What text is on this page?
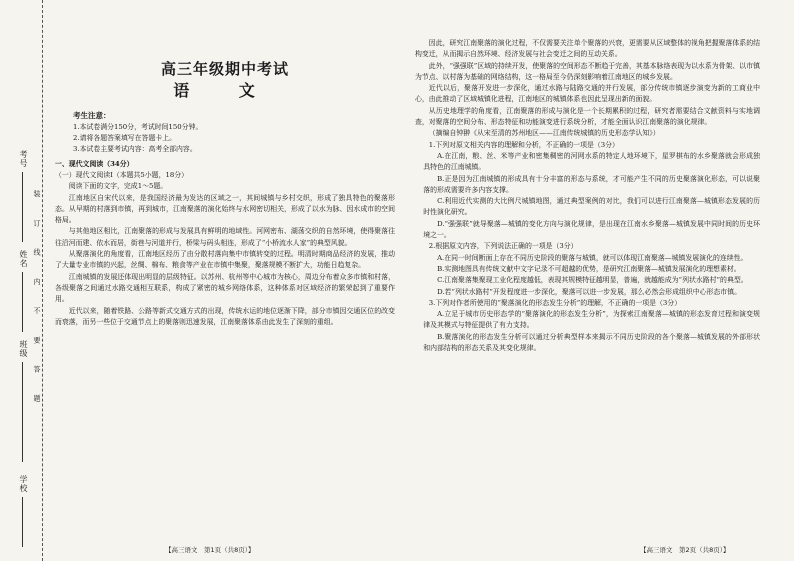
考号
姓名
班级
学校
装 订 线 内 不 要 答 题
高三年级期中考试
语 文
考生注意：
1.本试卷满分150分，考试时间150分钟。
2.请将各题答案填写在答题卡上。
3.本试卷主要考试内容：高考全部内容。
一、现代文阅读（34分）
（一）现代文阅读Ⅰ（本题共5小题，18分）

阅读下面的文字，完成1～5题。

江南地区自宋代以来，是我国经济最为发达的区域之一，其间城镇与乡村交织，形成了独具特色的聚落形态。从早期的村落到市镇，再到城市，江南聚落的演化始终与水网密切相关，形成了以水为脉、因水成市的空间格局。

与其他地区相比，江南聚落的形成与发展具有鲜明的地域性。河网密布、湖荡交织的自然环境，使得聚落往往沿河而建、依水而居，街巷与河道并行，桥梁与码头相连，形成了“小桥流水人家”的典型风貌。

从聚落演化的角度看，江南地区经历了由分散村落向集中市镇转变的过程。明清时期商品经济的发展，推动了大量专业市镇的兴起，丝绸、棉布、粮食等产业在市镇中集聚，聚落规模不断扩大，功能日趋复杂。

江南城镇的发展还体现出明显的层级特征。以苏州、杭州等中心城市为核心，周边分布着众多市镇和村落，各级聚落之间通过水路交通相互联系，构成了紧密的城乡网络体系，这种体系对区域经济的繁荣起到了重要作用。

近代以来，随着铁路、公路等新式交通方式的出现，传统水运的地位逐渐下降，部分市镇因交通区位的改变而衰落，而另一些位于交通节点上的聚落则迅速发展，江南聚落体系由此发生了深刻的重组。

因此，研究江南聚落的演化过程，不仅需要关注单个聚落的兴衰，更需要从区域整体的视角把握聚落体系的结构变迁，从而揭示自然环境、经济发展与社会变迁之间的互动关系。

此外，“强强联”区域的持续开发，使聚落的空间形态不断趋于完善，其基本脉络表现为以水系为骨架、以市镇为节点、以村落为基础的网络结构，这一格局至今仍深刻影响着江南地区的城乡发展。

近代以后，聚落开发进一步深化，通过水路与陆路交通的并行发展，部分传统市镇逐步演变为新的工商业中心，由此推动了区域城镇化进程，江南地区的城镇体系也因此呈现出新的面貌。

从历史地理学的角度看，江南聚落的形成与演化是一个长期累积的过程，研究者需要结合文献资料与实地调查，对聚落的空间分布、形态特征和功能演变进行系统分析，才能全面认识江南聚落的演化规律。

（摘编自钟翀《从宋至清的苏州地区——江南传统城镇的历史形态学认知》）

1.下列对原文相关内容的理解和分析，不正确的一项是（3分）

A.在江南，粮、丝、米等产业和密集稠密的河网水系的特定人地环境下，星罗棋布的水乡聚落就会形成独具特色的江南城镇。

B.正是因为江南城镇的形成具有十分丰富的形态与系统，才可能产生不同的历史聚落演化形态，可以说聚落的形成需要许多内容支撑。

C.利用近代实测的大比例尺城镇地图，通过典型案例的对比，我们可以进行江南聚落—城镇形态发展的历时性演化研究。

D.“强强联”就导聚落—城镇的变化方向与演化规律，是出现在江南水乡聚落—城镇发展中同时间的历史环境之一。

2.根据原文内容，下列说法正确的一项是（3分）

A.在同一时间断面上存在不同历史阶段的聚落与城镇，就可以体现江南聚落—城镇发展演化的连续性。

B.实测地图具有传统文献中文字记录不可超越的优势，是研究江南聚落—城镇发展演化的理想素材。

C.江南聚落集聚现工业化程度越低，表现其规模特征越明显，普遍，就越能成为“列状水路村”的典型。

D.若“列状水路村”开发程度进一步深化，聚落可以进一步发展，那么必然会形成组织中心形态市镇。

3.下列对作者所使用的“聚落演化的形态发生分析”的理解，不正确的一项是（3分）

A.立足于城市历史形态学的“聚落演化的形态发生分析”，为探索江南聚落—城镇的形态发育过程和演变规律及其模式与特征提供了有力支持。

B.聚落演化的形态发生分析可以通过分析典型样本来揭示不同历史阶段的各个聚落—城镇发展的外部形状和内部结构的形态关系及其变化规律。

【高三语文　第1页（共8页）】	【高三语文　第2页（共8页）】
